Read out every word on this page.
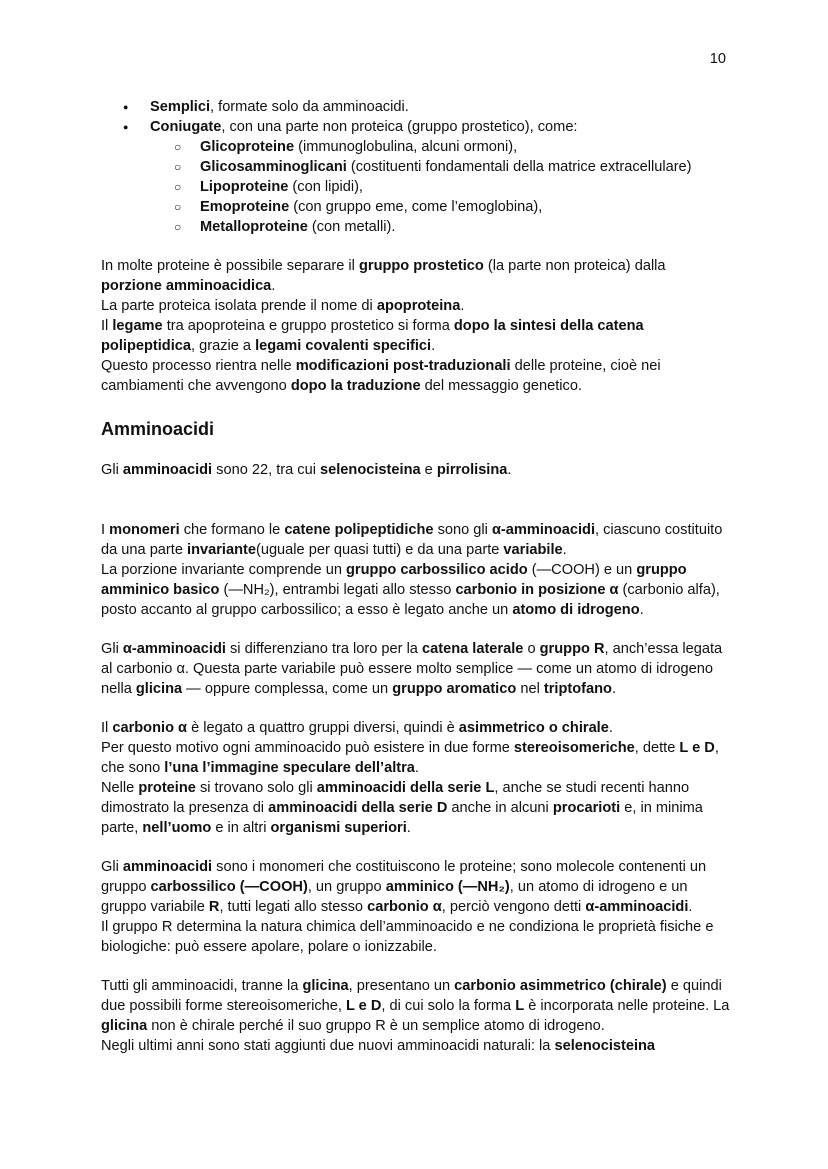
10
● Semplici, formate solo da amminoacidi.
● Coniugate, con una parte non proteica (gruppo prostetico), come:
○ Glicoproteine (immunoglobulina, alcuni ormoni),
○ Glicosamminoglicani (costituenti fondamentali della matrice extracellulare)
○ Lipoproteine (con lipidi),
○ Emoproteine (con gruppo eme, come l’emoglobina),
○ Metalloproteine (con metalli).

In molte proteine è possibile separare il gruppo prostetico (la parte non proteica) dalla
porzione amminoacidica.
La parte proteica isolata prende il nome di apoproteina.
Il legame tra apoproteina e gruppo prostetico si forma dopo la sintesi della catena polipeptidica, grazie a legami covalenti specifici.
Questo processo rientra nelle modificazioni post-traduzionali delle proteine, cioè nei cambiamenti che avvengono dopo la traduzione del messaggio genetico.

Amminoacidi

Gli amminoacidi sono 22, tra cui selenocisteina e pirrolisina.

I monomeri che formano le catene polipeptidiche sono gli α-amminoacidi, ciascuno costituito da una parte invariante(uguale per quasi tutti) e da una parte variabile.
La porzione invariante comprende un gruppo carbossilico acido (—COOH) e un gruppo amminico basico (—NH₂), entrambi legati allo stesso carbonio in posizione α (carbonio alfa), posto accanto al gruppo carbossilico; a esso è legato anche un atomo di idrogeno.

Gli α-amminoacidi si differenziano tra loro per la catena laterale o gruppo R, anch’essa legata al carbonio α. Questa parte variabile può essere molto semplice — come un atomo di idrogeno nella glicina — oppure complessa, come un gruppo aromatico nel triptofano.

Il carbonio α è legato a quattro gruppi diversi, quindi è asimmetrico o chirale.
Per questo motivo ogni amminoacido può esistere in due forme stereoisomeriche, dette L e D, che sono l’una l’immagine speculare dell’altra.
Nelle proteine si trovano solo gli amminoacidi della serie L, anche se studi recenti hanno dimostrato la presenza di amminoacidi della serie D anche in alcuni procarioti e, in minima parte, nell’uomo e in altri organismi superiori.

Gli amminoacidi sono i monomeri che costituiscono le proteine; sono molecole contenenti un gruppo carbossilico (—COOH), un gruppo amminico (—NH₂), un atomo di idrogeno e un gruppo variabile R, tutti legati allo stesso carbonio α, perciò vengono detti α-amminoacidi.
Il gruppo R determina la natura chimica dell’amminoacido e ne condiziona le proprietà fisiche e biologiche: può essere apolare, polare o ionizzabile.

Tutti gli amminoacidi, tranne la glicina, presentano un carbonio asimmetrico (chirale) e quindi due possibili forme stereoisomeriche, L e D, di cui solo la forma L è incorporata nelle proteine. La glicina non è chirale perché il suo gruppo R è un semplice atomo di idrogeno.
Negli ultimi anni sono stati aggiunti due nuovi amminoacidi naturali: la selenocisteina
